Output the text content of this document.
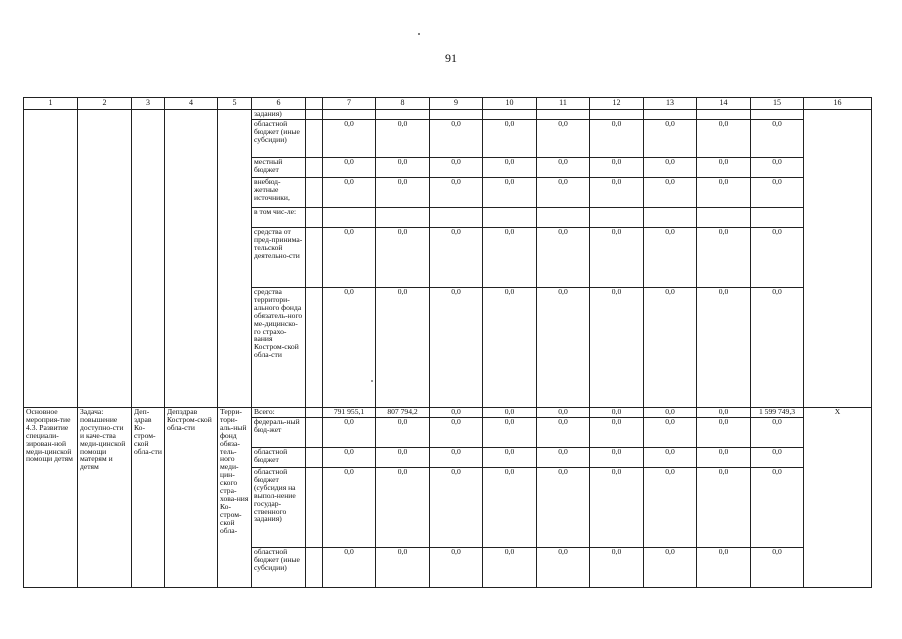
91
1	2	3	4	5	6		7	8	9	10	11	12	13	14	15	16
					задания)											
					областной бюджет (иные субсидии)		0,0	0,0	0,0	0,0	0,0	0,0	0,0	0,0	0,0	
					местный бюджет		0,0	0,0	0,0	0,0	0,0	0,0	0,0	0,0	0,0	
					внебюд-жетные источники,		0,0	0,0	0,0	0,0	0,0	0,0	0,0	0,0	0,0	
					в том чис-ле:											
					средства от пред-принима-тельской деятельно-сти		0,0	0,0	0,0	0,0	0,0	0,0	0,0	0,0	0,0	
					средства территори-ального фонда обязатель-ного ме-дицинско-го страхо-вания Костром-ской обла-сти		0,0	0,0	0,0	0,0	0,0	0,0	0,0	0,0	0,0	
Основное мероприя-тие 4.3. Развитие специали-зирован-ной меди-цинской помощи детям	Задача: повышение доступно-сти и каче-ства меди-цинской помощи матерям и детям	Деп-здрав Ко-стром-ской обла-сти	Депздрав Костром-ской обла-сти	Терри-тори-аль-ный фонд обяза-тель-ного меди-цин-ского стра-хова-ния Ко-стром-ской обла-	Всего:		791 955,1	807 794,2	0,0	0,0	0,0	0,0	0,0	0,0	1 599 749,3	X
					федераль-ный бюд-жет		0,0	0,0	0,0	0,0	0,0	0,0	0,0	0,0	0,0	
					областной бюджет		0,0	0,0	0,0	0,0	0,0	0,0	0,0	0,0	0,0	
					областной бюджет (субсидия на выпол-нение государ-ственного задания)		0,0	0,0	0,0	0,0	0,0	0,0	0,0	0,0	0,0	
					областной бюджет (иные субсидии)		0,0	0,0	0,0	0,0	0,0	0,0	0,0	0,0	0,0	
